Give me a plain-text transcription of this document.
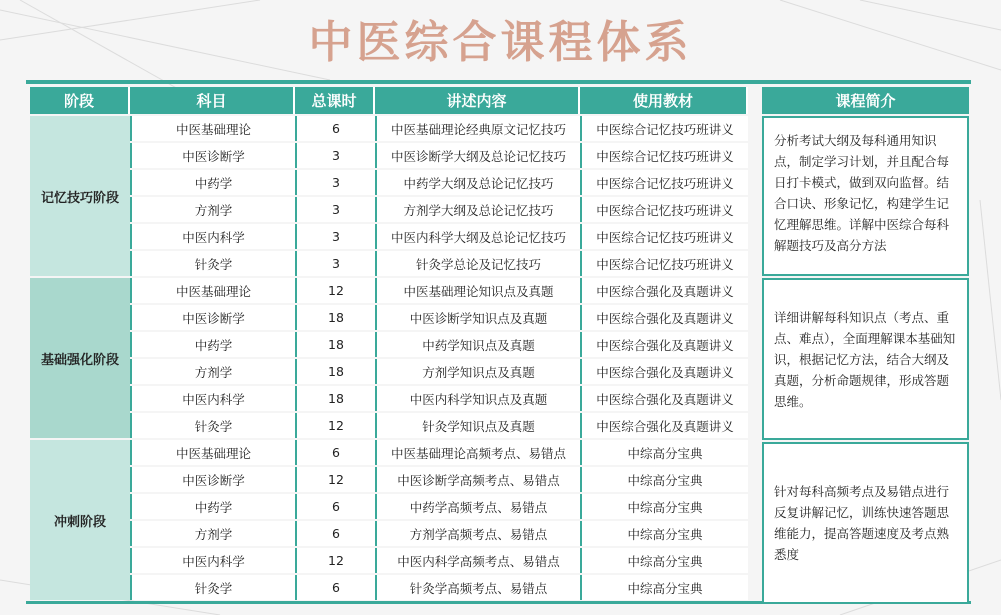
中医综合课程体系
阶段	科目	总课时	讲述内容	使用教材
记忆技巧阶段
中医基础理论	6	中医基础理论经典原文记忆技巧	中医综合记忆技巧班讲义
中医诊断学	3	中医诊断学大纲及总论记忆技巧	中医综合记忆技巧班讲义
中药学	3	中药学大纲及总论记忆技巧	中医综合记忆技巧班讲义
方剂学	3	方剂学大纲及总论记忆技巧	中医综合记忆技巧班讲义
中医内科学	3	中医内科学大纲及总论记忆技巧	中医综合记忆技巧班讲义
针灸学	3	针灸学总论及记忆技巧	中医综合记忆技巧班讲义
基础强化阶段
中医基础理论	12	中医基础理论知识点及真题	中医综合强化及真题讲义
中医诊断学	18	中医诊断学知识点及真题	中医综合强化及真题讲义
中药学	18	中药学知识点及真题	中医综合强化及真题讲义
方剂学	18	方剂学知识点及真题	中医综合强化及真题讲义
中医内科学	18	中医内科学知识点及真题	中医综合强化及真题讲义
针灸学	12	针灸学知识点及真题	中医综合强化及真题讲义
冲刺阶段
中医基础理论	6	中医基础理论高频考点、易错点	中综高分宝典
中医诊断学	12	中医诊断学高频考点、易错点	中综高分宝典
中药学	6	中药学高频考点、易错点	中综高分宝典
方剂学	6	方剂学高频考点、易错点	中综高分宝典
中医内科学	12	中医内科学高频考点、易错点	中综高分宝典
针灸学	6	针灸学高频考点、易错点	中综高分宝典
课程简介
分析考试大纲及每科通用知识点，制定学习计划，并且配合每日打卡模式，做到双向监督。结合口诀、形象记忆，构建学生记忆理解思维。详解中医综合每科解题技巧及高分方法
详细讲解每科知识点（考点、重点、难点），全面理解课本基础知识，根据记忆方法，结合大纲及真题，分析命题规律，形成答题思维。
针对每科高频考点及易错点进行反复讲解记忆，训练快速答题思维能力，提高答题速度及考点熟悉度
